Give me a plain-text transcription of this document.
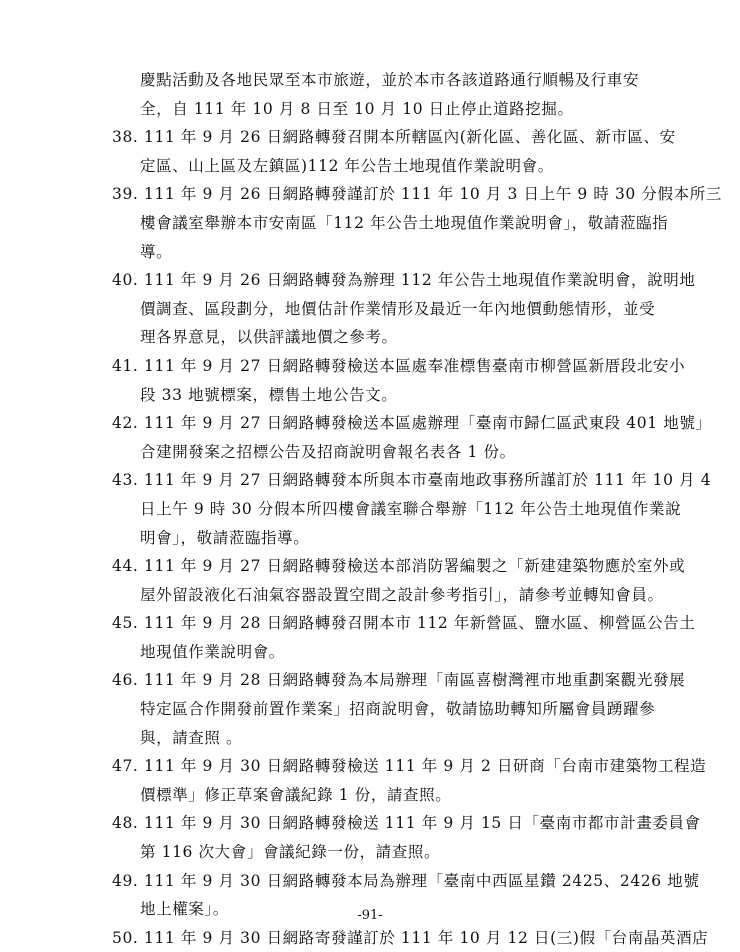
慶點活動及各地民眾至本市旅遊，並於本市各該道路通行順暢及行車安
全，自 111 年 10 月 8 日至 10 月 10 日止停止道路挖掘。
38. 111 年 9 月 26 日網路轉發召開本所轄區內(新化區、善化區、新市區、安
定區、山上區及左鎮區)112 年公告土地現值作業說明會。
39. 111 年 9 月 26 日網路轉發謹訂於 111 年 10 月 3 日上午 9 時 30 分假本所三
樓會議室舉辦本市安南區「112 年公告土地現值作業說明會」，敬請蒞臨指
導。
40. 111 年 9 月 26 日網路轉發為辦理 112 年公告土地現值作業說明會，說明地
價調查、區段劃分，地價估計作業情形及最近一年內地價動態情形，並受
理各界意見，以供評議地價之參考。
41. 111 年 9 月 27 日網路轉發檢送本區處奉准標售臺南市柳營區新厝段北安小
段 33 地號標案，標售土地公告文。
42. 111 年 9 月 27 日網路轉發檢送本區處辦理「臺南市歸仁區武東段 401 地號」
合建開發案之招標公告及招商說明會報名表各 1 份。
43. 111 年 9 月 27 日網路轉發本所與本市臺南地政事務所謹訂於 111 年 10 月 4
日上午 9 時 30 分假本所四樓會議室聯合舉辦「112 年公告土地現值作業說
明會」，敬請蒞臨指導。
44. 111 年 9 月 27 日網路轉發檢送本部消防署編製之「新建建築物應於室外或
屋外留設液化石油氣容器設置空間之設計參考指引」，請參考並轉知會員。
45. 111 年 9 月 28 日網路轉發召開本市 112 年新營區、鹽水區、柳營區公告土
地現值作業說明會。
46. 111 年 9 月 28 日網路轉發為本局辦理「南區喜樹灣裡市地重劃案觀光發展
特定區合作開發前置作業案」招商說明會，敬請協助轉知所屬會員踴躍參
與，請查照 。
47. 111 年 9 月 30 日網路轉發檢送 111 年 9 月 2 日研商「台南市建築物工程造
價標準」修正草案會議紀錄 1 份，請查照。
48. 111 年 9 月 30 日網路轉發檢送 111 年 9 月 15 日「臺南市都市計畫委員會
第 116 次大會」會議紀錄一份，請查照。
49. 111 年 9 月 30 日網路轉發本局為辦理「臺南中西區星鑽 2425、2426 地號
地上權案」。
50. 111 年 9 月 30 日網路寄發謹訂於 111 年 10 月 12 日(三)假「台南晶英酒店
-91-
